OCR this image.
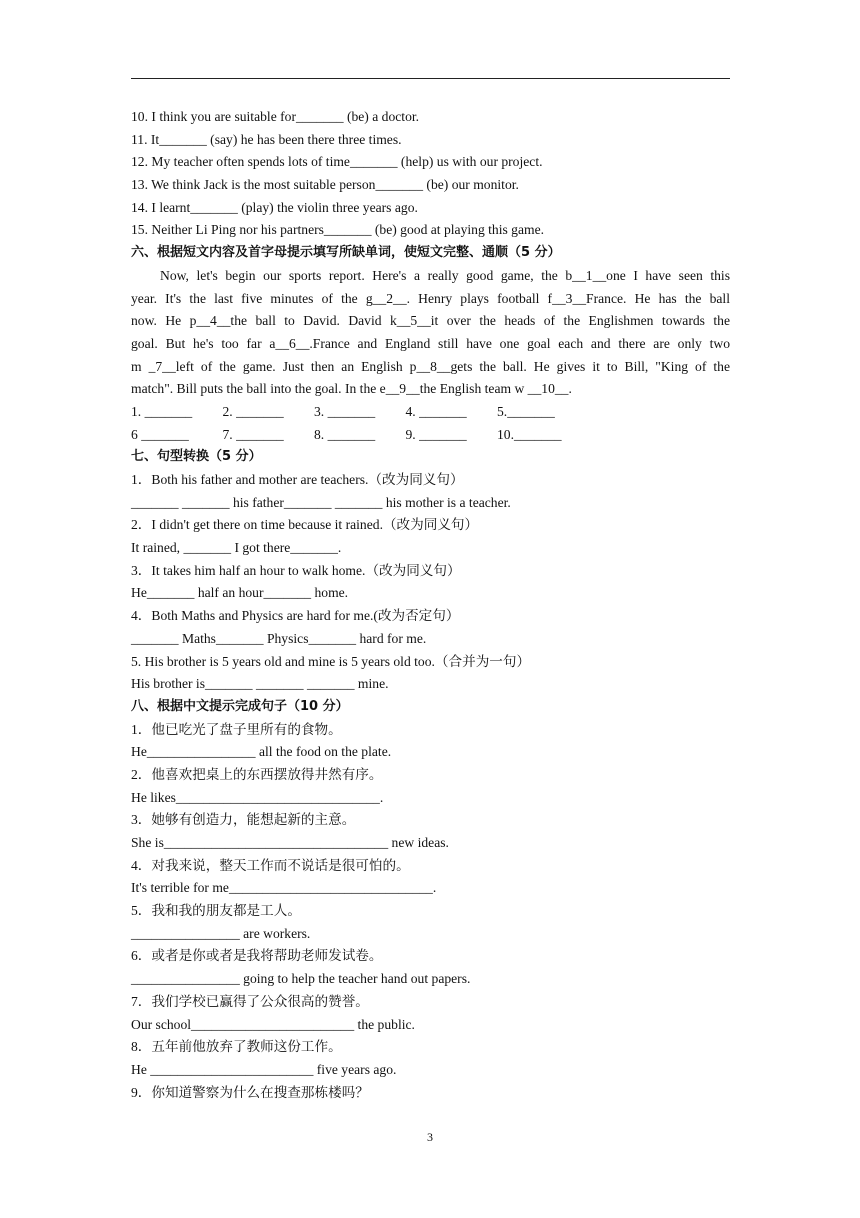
10. I think you are suitable for_______ (be) a doctor.
11. It_______ (say) he has been there three times.
12. My teacher often spends lots of time_______ (help) us with our project.
13. We think Jack is the most suitable person_______ (be) our monitor.
14. I learnt_______ (play) the violin three years ago.
15. Neither Li Ping nor his partners_______ (be) good at playing this game.
六、根据短文内容及首字母提示填写所缺单词，使短文完整、通顺（5 分）
Now, let's begin our sports report. Here's a really good game, the b__1__one I have seen this
year. It's the last five minutes of the g__2__. Henry plays football f__3__France. He has the ball
now. He p__4__the ball to David. David k__5__it over the heads of the Englishmen towards the
goal. But he's too far a__6__.France and England still have one goal each and there are only two
m _7__left of the game. Just then an English p__8__gets the ball. He gives it to Bill, "King of the
match". Bill puts the ball into the goal. In the e__9__the English team w __10__.
1. _______ 2. _______ 3. _______ 4. _______ 5._______
6 _______ 7. _______ 8. _______ 9. _______ 10._______
七、句型转换（5 分）
1．Both his father and mother are teachers.（改为同义句）
_______ _______ his father_______ _______ his mother is a teacher.
2．I didn't get there on time because it rained.（改为同义句）
It rained, _______ I got there_______.
3．It takes him half an hour to walk home.（改为同义句）
He_______ half an hour_______ home.
4．Both Maths and Physics are hard for me.(改为否定句）
_______ Maths_______ Physics_______ hard for me.
5. His brother is 5 years old and mine is 5 years old too.（合并为一句）
His brother is_______ _______ _______ mine.
八、根据中文提示完成句子（10 分）
1．他已吃光了盘子里所有的食物。
He________________ all the food on the plate.
2．他喜欢把桌上的东西摆放得井然有序。
He likes______________________________.
3．她够有创造力，能想起新的主意。
She is_________________________________ new ideas.
4．对我来说，整天工作而不说话是很可怕的。
It's terrible for me______________________________.
5．我和我的朋友都是工人。
________________ are workers.
6．或者是你或者是我将帮助老师发试卷。
________________ going to help the teacher hand out papers.
7．我们学校已赢得了公众很高的赞誉。
Our school________________________ the public.
8．五年前他放弃了教师这份工作。
He ________________________ five years ago.
9．你知道警察为什么在搜查那栋楼吗？
3
